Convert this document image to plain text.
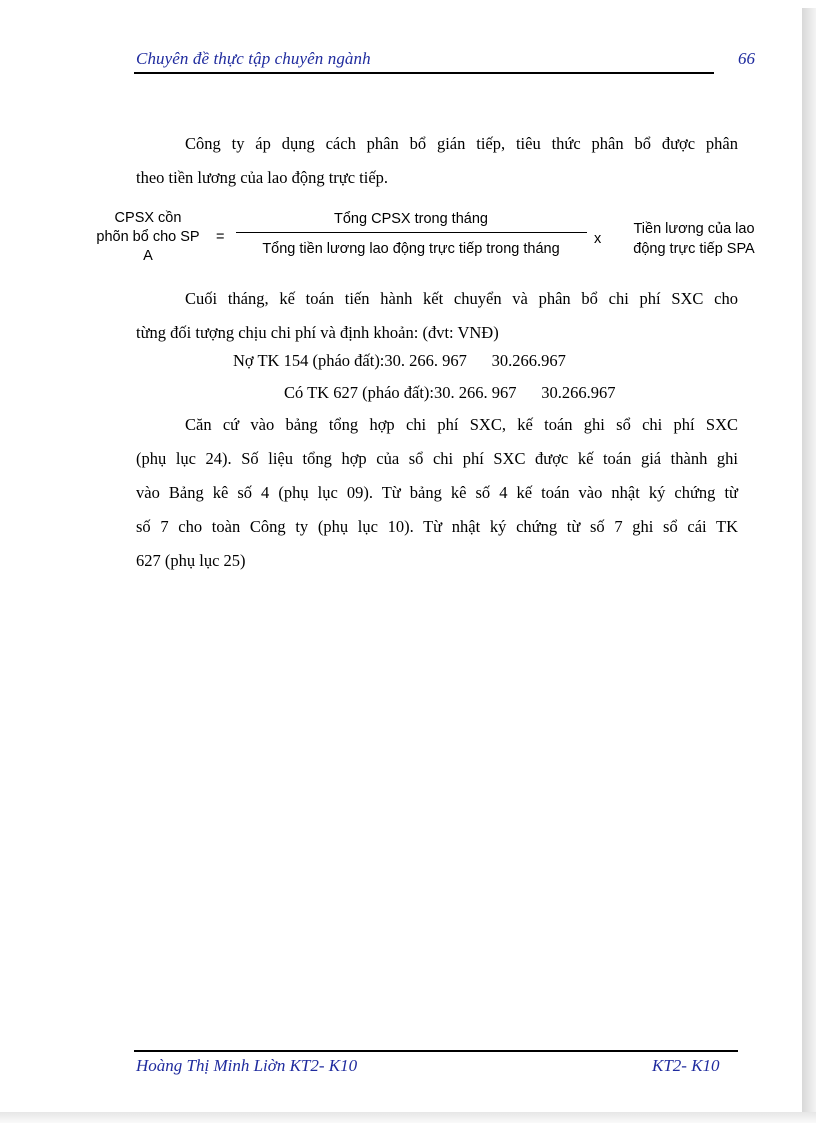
Chuyên đề thực tập chuyên ngành	66
Công ty áp dụng cách phân bổ gián tiếp, tiêu thức phân bổ được phân
theo tiền lương của lao động trực tiếp.
CPSX cồn
phõn bổ cho SP
A
=
Tổng CPSX trong tháng
Tổng tiền lương lao động trực tiếp trong tháng
x
Tiền lương của lao
động trực tiếp SPA
Cuối tháng, kế toán tiến hành kết chuyển và phân bổ chi phí SXC cho
từng đối tượng chịu chi phí và định khoản: (đvt: VNĐ)
Nợ TK 154 (pháo đất):30. 266. 967      30.266.967
Có TK 627 (pháo đất):30. 266. 967      30.266.967
Căn cứ vào bảng tổng hợp chi phí SXC, kế toán ghi sổ chi phí SXC
(phụ lục 24). Số liệu tổng hợp của sổ chi phí SXC được kế toán giá thành ghi
vào Bảng kê số 4 (phụ lục 09). Từ bảng kê số 4 kế toán vào nhật ký chứng từ
số 7 cho toàn Công ty (phụ lục 10). Từ nhật ký chứng từ số 7 ghi sổ cái TK
627 (phụ lục 25)
Hoàng Thị Minh Liờn KT2- K10	KT2- K10
